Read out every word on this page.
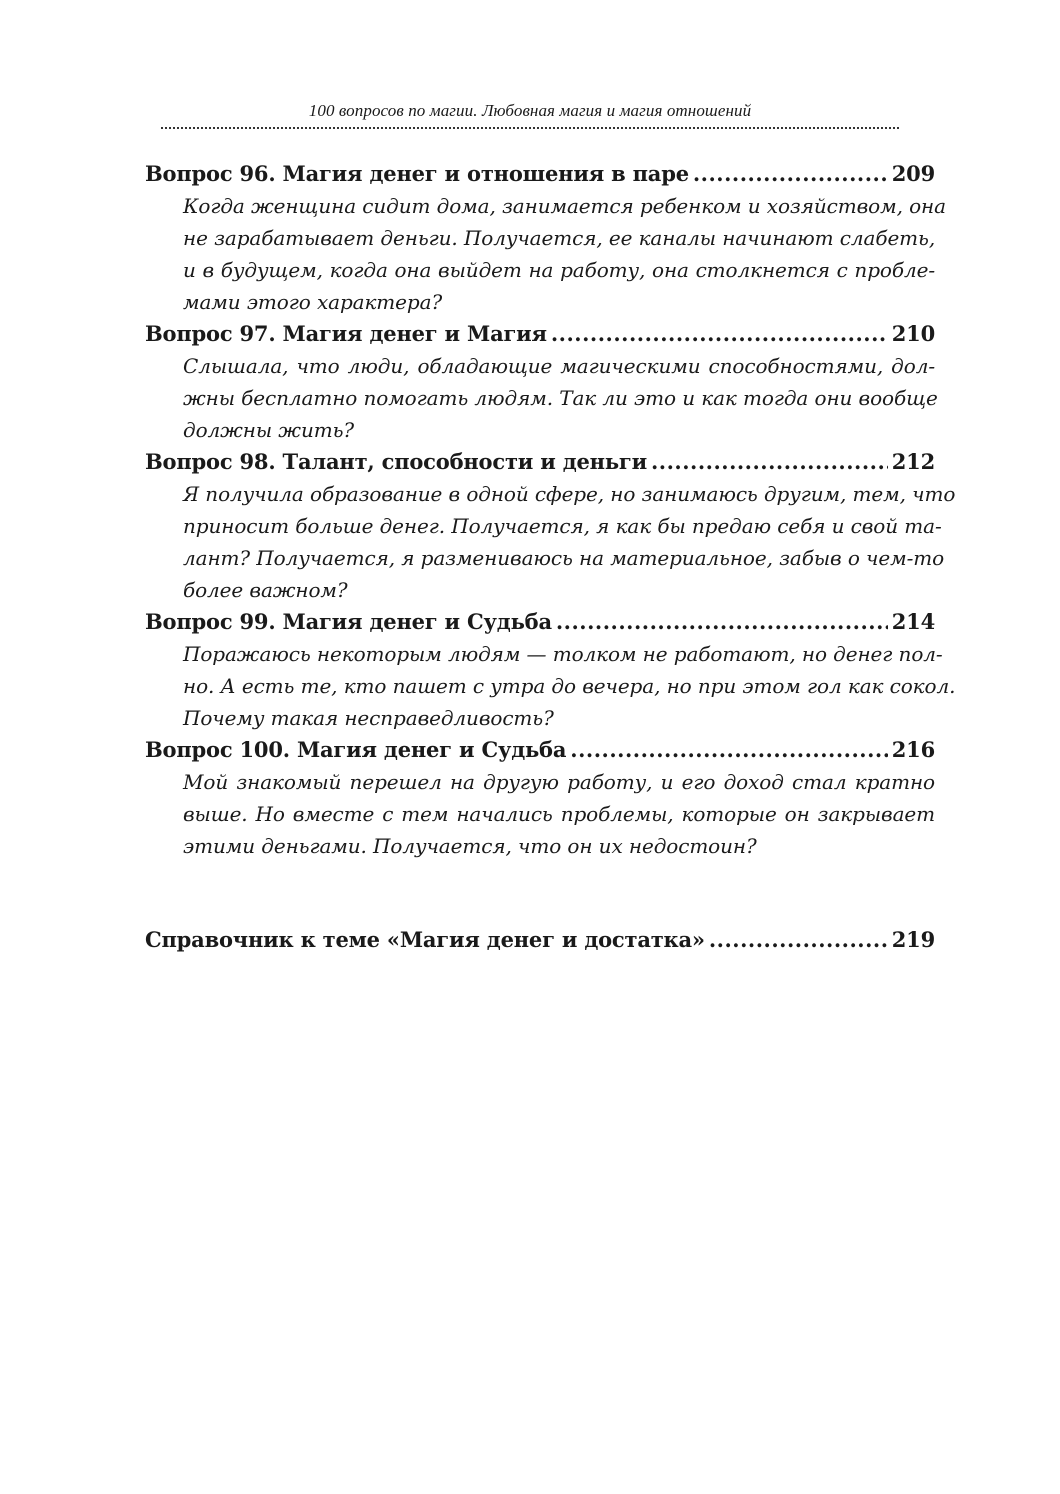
100 вопросов по магии. Любовная магия и магия отношений
Вопрос 96. Магия денег и отношения в паре .....	209
Когда женщина сидит дома, занимается ребенком и хозяйством, она
не зарабатывает деньги. Получается, ее каналы начинают слабеть,
и в будущем, когда она выйдет на работу, она столкнется с пробле-
мами этого характера?
Вопрос 97. Магия денег и Магия .....	210
Слышала, что люди, обладающие магическими способностями, дол-
жны бесплатно помогать людям. Так ли это и как тогда они вообще
должны жить?
Вопрос 98. Талант, способности и деньги .....	212
Я получила образование в одной сфере, но занимаюсь другим, тем, что
приносит больше денег. Получается, я как бы предаю себя и свой та-
лант? Получается, я размениваюсь на материальное, забыв о чем-то
более важном?
Вопрос 99. Магия денег и Судьба .....	214
Поражаюсь некоторым людям — толком не работают, но денег пол-
но. А есть те, кто пашет с утра до вечера, но при этом гол как сокол.
Почему такая несправедливость?
Вопрос 100. Магия денег и Судьба .....	216
Мой знакомый перешел на другую работу, и его доход стал кратно
выше. Но вместе с тем начались проблемы, которые он закрывает
этими деньгами. Получается, что он их недостоин?
Справочник к теме «Магия денег и достатка» .....	219
